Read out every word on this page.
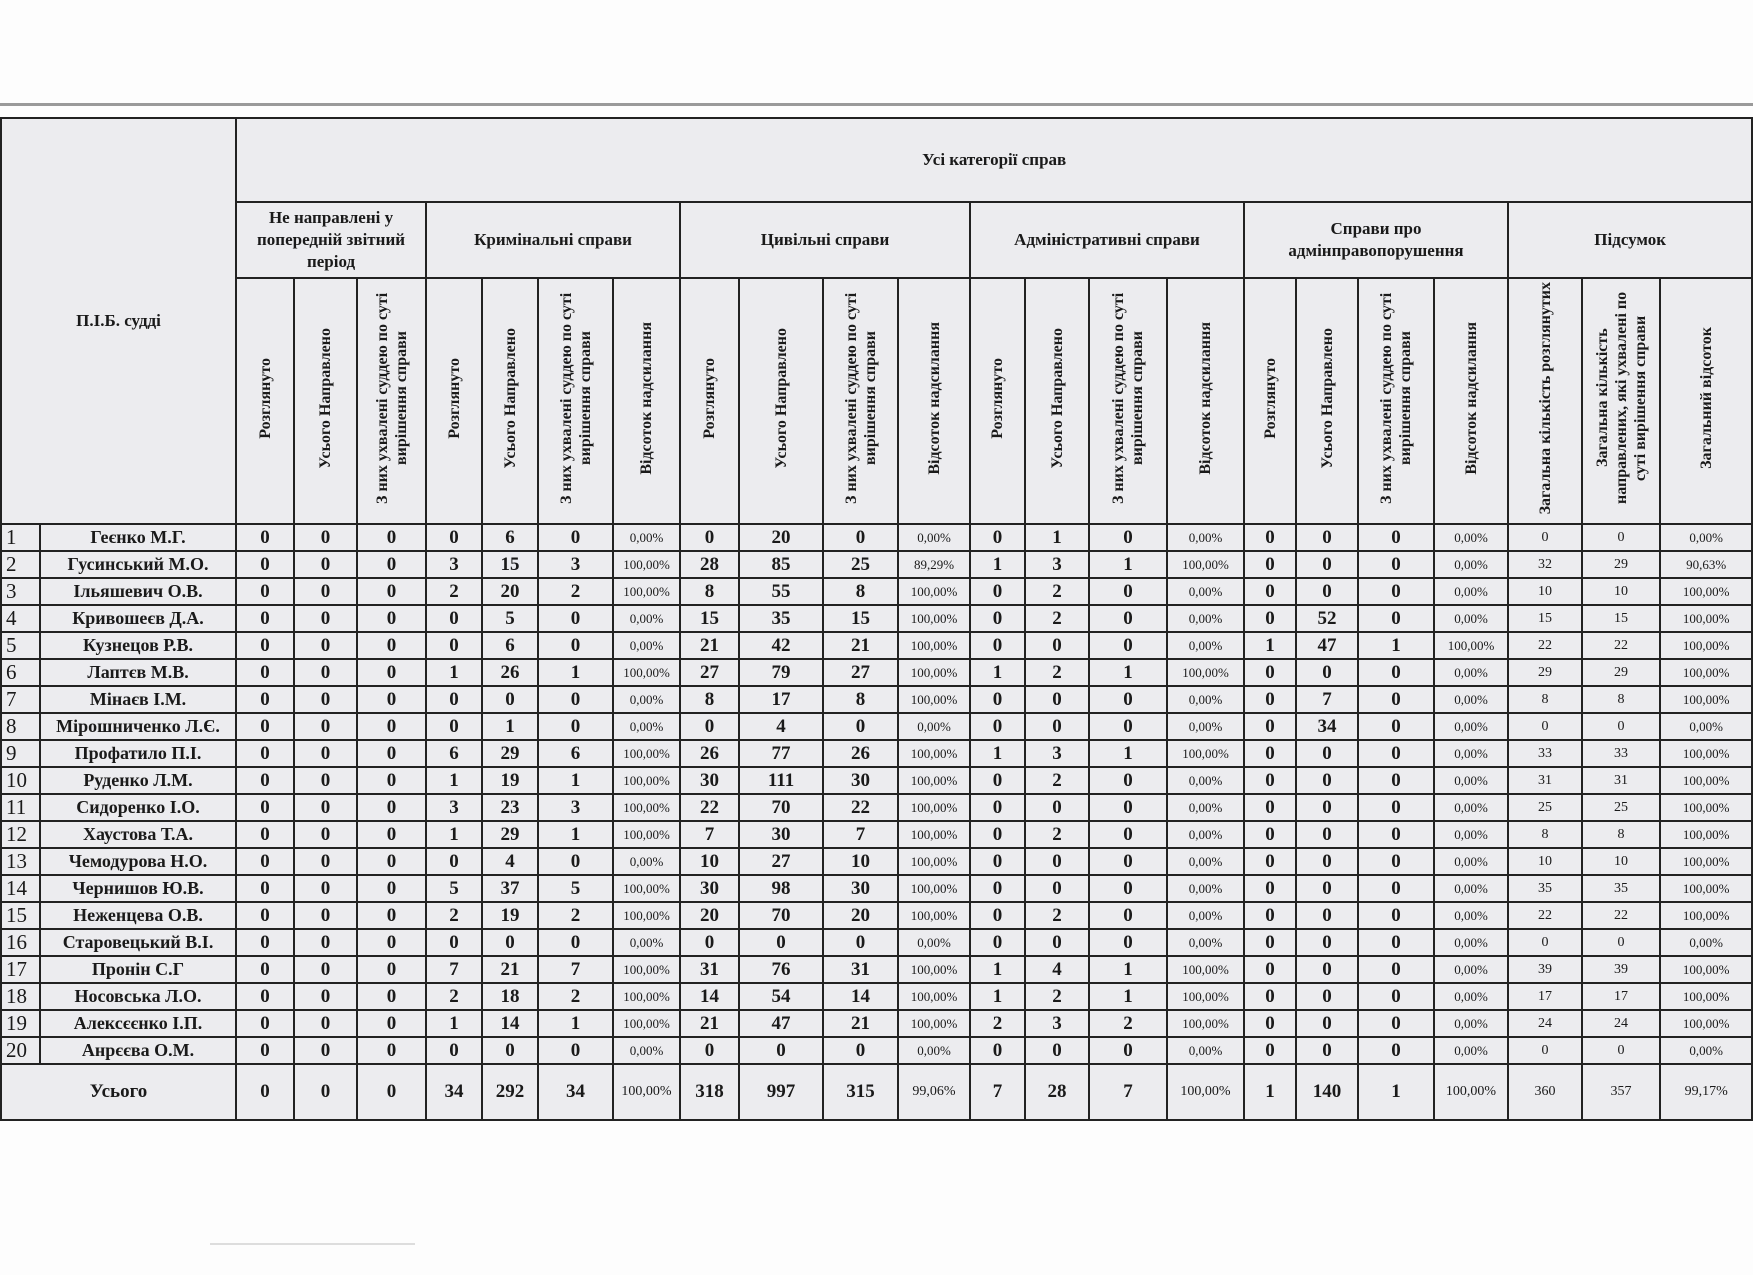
П.І.Б. судді		Усі категорії справ																					
		Не направлені у попередній звітний період			Кримінальні справи				Цивільні справи				Адміністративні справи				Справи про адмінправопорушення				Підсумок		
		Розглянуто	Усього Направлено	З них ухвалені суддею по суті вирішення справи	Розглянуто	Усього Направлено	З них ухвалені суддею по суті вирішення справи	Відсоток надсилання	Розглянуто	Усього Направлено	З них ухвалені суддею по суті вирішення справи	Відсоток надсилання	Розглянуто	Усього Направлено	З них ухвалені суддею по суті вирішення справи	Відсоток надсилання	Розглянуто	Усього Направлено	З них ухвалені суддею по суті вирішення справи	Відсоток надсилання	Загальна кількість розглянутих	Загальна кількість направлених, які ухвалені по суті вирішення справи	Загальний відсоток
1	Геєнко М.Г.	0	0	0	0	6	0	0,00%	0	20	0	0,00%	0	1	0	0,00%	0	0	0	0,00%	0	0	0,00%
2	Гусинський М.О.	0	0	0	3	15	3	100,00%	28	85	25	89,29%	1	3	1	100,00%	0	0	0	0,00%	32	29	90,63%
3	Ільяшевич О.В.	0	0	0	2	20	2	100,00%	8	55	8	100,00%	0	2	0	0,00%	0	0	0	0,00%	10	10	100,00%
4	Кривошеєв Д.А.	0	0	0	0	5	0	0,00%	15	35	15	100,00%	0	2	0	0,00%	0	52	0	0,00%	15	15	100,00%
5	Кузнецов Р.В.	0	0	0	0	6	0	0,00%	21	42	21	100,00%	0	0	0	0,00%	1	47	1	100,00%	22	22	100,00%
6	Лаптєв М.В.	0	0	0	1	26	1	100,00%	27	79	27	100,00%	1	2	1	100,00%	0	0	0	0,00%	29	29	100,00%
7	Мінаєв І.М.	0	0	0	0	0	0	0,00%	8	17	8	100,00%	0	0	0	0,00%	0	7	0	0,00%	8	8	100,00%
8	Мірошниченко Л.Є.	0	0	0	0	1	0	0,00%	0	4	0	0,00%	0	0	0	0,00%	0	34	0	0,00%	0	0	0,00%
9	Профатило П.І.	0	0	0	6	29	6	100,00%	26	77	26	100,00%	1	3	1	100,00%	0	0	0	0,00%	33	33	100,00%
10	Руденко Л.М.	0	0	0	1	19	1	100,00%	30	111	30	100,00%	0	2	0	0,00%	0	0	0	0,00%	31	31	100,00%
11	Сидоренко І.О.	0	0	0	3	23	3	100,00%	22	70	22	100,00%	0	0	0	0,00%	0	0	0	0,00%	25	25	100,00%
12	Хаустова Т.А.	0	0	0	1	29	1	100,00%	7	30	7	100,00%	0	2	0	0,00%	0	0	0	0,00%	8	8	100,00%
13	Чемодурова Н.О.	0	0	0	0	4	0	0,00%	10	27	10	100,00%	0	0	0	0,00%	0	0	0	0,00%	10	10	100,00%
14	Чернишов Ю.В.	0	0	0	5	37	5	100,00%	30	98	30	100,00%	0	0	0	0,00%	0	0	0	0,00%	35	35	100,00%
15	Неженцева О.В.	0	0	0	2	19	2	100,00%	20	70	20	100,00%	0	2	0	0,00%	0	0	0	0,00%	22	22	100,00%
16	Старовецький В.І.	0	0	0	0	0	0	0,00%	0	0	0	0,00%	0	0	0	0,00%	0	0	0	0,00%	0	0	0,00%
17	Пронін С.Г	0	0	0	7	21	7	100,00%	31	76	31	100,00%	1	4	1	100,00%	0	0	0	0,00%	39	39	100,00%
18	Носовська Л.О.	0	0	0	2	18	2	100,00%	14	54	14	100,00%	1	2	1	100,00%	0	0	0	0,00%	17	17	100,00%
19	Алексєєнко І.П.	0	0	0	1	14	1	100,00%	21	47	21	100,00%	2	3	2	100,00%	0	0	0	0,00%	24	24	100,00%
20	Анрєєва О.М.	0	0	0	0	0	0	0,00%	0	0	0	0,00%	0	0	0	0,00%	0	0	0	0,00%	0	0	0,00%
Усього		0	0	0	34	292	34	100,00%	318	997	315	99,06%	7	28	7	100,00%	1	140	1	100,00%	360	357	99,17%
